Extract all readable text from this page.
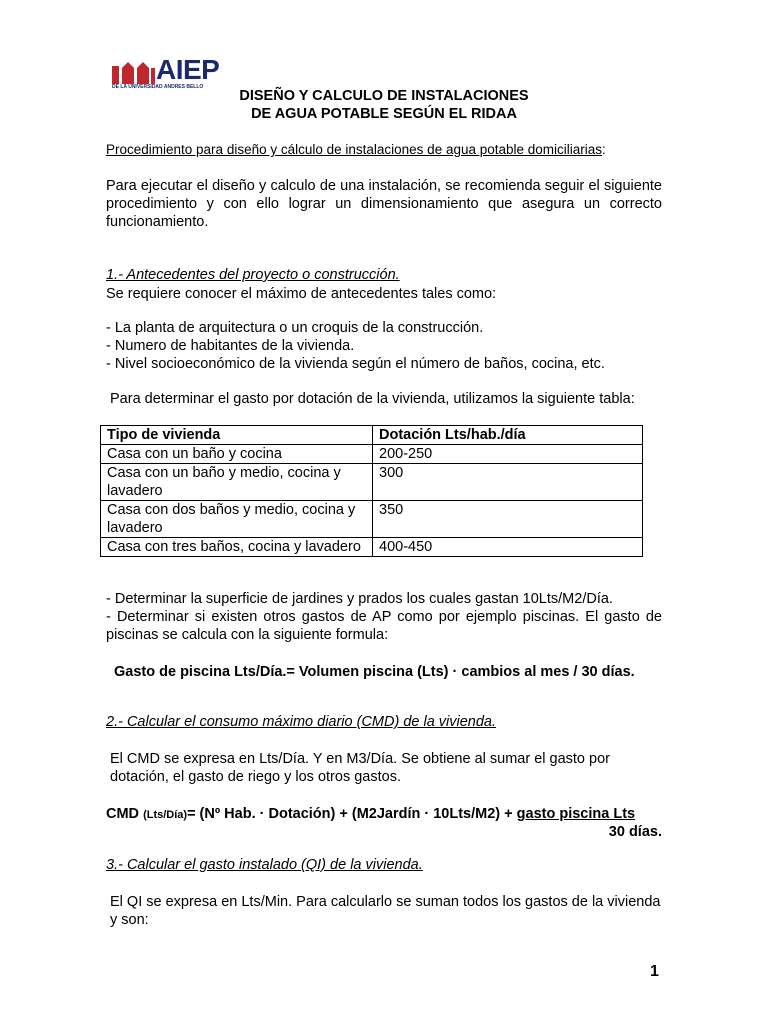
AIEP
DE LA UNIVERSIDAD ANDRES BELLO
DISEÑO Y CALCULO DE INSTALACIONES
DE AGUA POTABLE SEGÚN EL RIDAA
Procedimiento para diseño y cálculo de instalaciones de agua potable domiciliarias:
Para ejecutar el diseño y calculo de una instalación, se recomienda seguir el siguiente procedimiento y con ello lograr un dimensionamiento que asegura un correcto funcionamiento.
1.- Antecedentes del proyecto o construcción.
Se requiere conocer el máximo de antecedentes tales como:
- La planta de arquitectura o un croquis de la construcción.
- Numero de habitantes de la vivienda.
- Nivel socioeconómico de la vivienda según el número de baños, cocina, etc.
Para determinar el gasto por dotación de la vivienda, utilizamos la siguiente tabla:
Tipo de vivienda	Dotación Lts/hab./día
Casa con un baño y cocina	200-250
Casa con un baño y medio, cocina y lavadero	300
Casa con dos baños y medio, cocina y lavadero	350
Casa con tres baños, cocina y lavadero	400-450
- Determinar la superficie de jardines y prados los cuales gastan 10Lts/M2/Día.
- Determinar si existen otros gastos de AP como por ejemplo piscinas. El gasto de piscinas se calcula con la siguiente formula:
Gasto de piscina Lts/Día.= Volumen piscina (Lts) · cambios al mes / 30 días.
2.- Calcular el consumo máximo diario (CMD) de la vivienda.
El CMD se expresa en Lts/Día. Y en M3/Día. Se obtiene al sumar el gasto por dotación, el gasto de riego y los otros gastos.
CMD (Lts/Día)= (Nº Hab. · Dotación) + (M2Jardín · 10Lts/M2) + gasto piscina Lts
30 días.
3.- Calcular el gasto instalado (QI) de la vivienda.
El QI se expresa en Lts/Min. Para calcularlo se suman todos los gastos de la vivienda y son:
1
